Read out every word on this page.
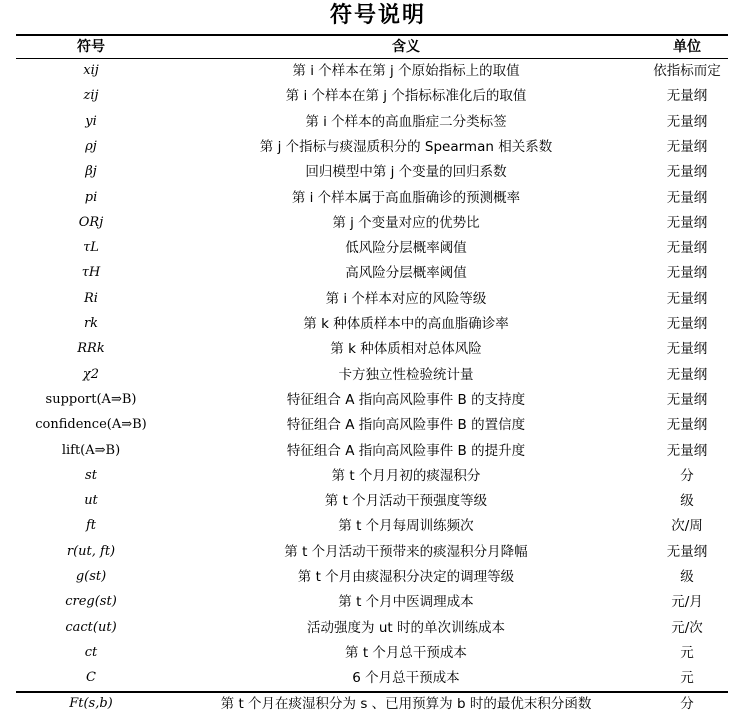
符号说明
符号	含义	单位
xij	第 i 个样本在第 j 个原始指标上的取值	依指标而定
zij	第 i 个样本在第 j 个指标标准化后的取值	无量纲
yi	第 i 个样本的高血脂症二分类标签	无量纲
ρj	第 j 个指标与痰湿质积分的 Spearman 相关系数	无量纲
βj	回归模型中第 j 个变量的回归系数	无量纲
pi	第 i 个样本属于高血脂确诊的预测概率	无量纲
ORj	第 j 个变量对应的优势比	无量纲
τL	低风险分层概率阈值	无量纲
τH	高风险分层概率阈值	无量纲
Ri	第 i 个样本对应的风险等级	无量纲
rk	第 k 种体质样本中的高血脂确诊率	无量纲
RRk	第 k 种体质相对总体风险	无量纲
χ2	卡方独立性检验统计量	无量纲
support(A⇒B)	特征组合 A 指向高风险事件 B 的支持度	无量纲
confidence(A⇒B)	特征组合 A 指向高风险事件 B 的置信度	无量纲
lift(A⇒B)	特征组合 A 指向高风险事件 B 的提升度	无量纲
st	第 t 个月月初的痰湿积分	分
ut	第 t 个月活动干预强度等级	级
ft	第 t 个月每周训练频次	次/周
r(ut, ft)	第 t 个月活动干预带来的痰湿积分月降幅	无量纲
g(st)	第 t 个月由痰湿积分决定的调理等级	级
creg(st)	第 t 个月中医调理成本	元/月
cact(ut)	活动强度为 ut 时的单次训练成本	元/次
ct	第 t 个月总干预成本	元
C	6 个月总干预成本	元
Ft(s,b)	第 t 个月在痰湿积分为 s 、已用预算为 b 时的最优末积分函数	分
